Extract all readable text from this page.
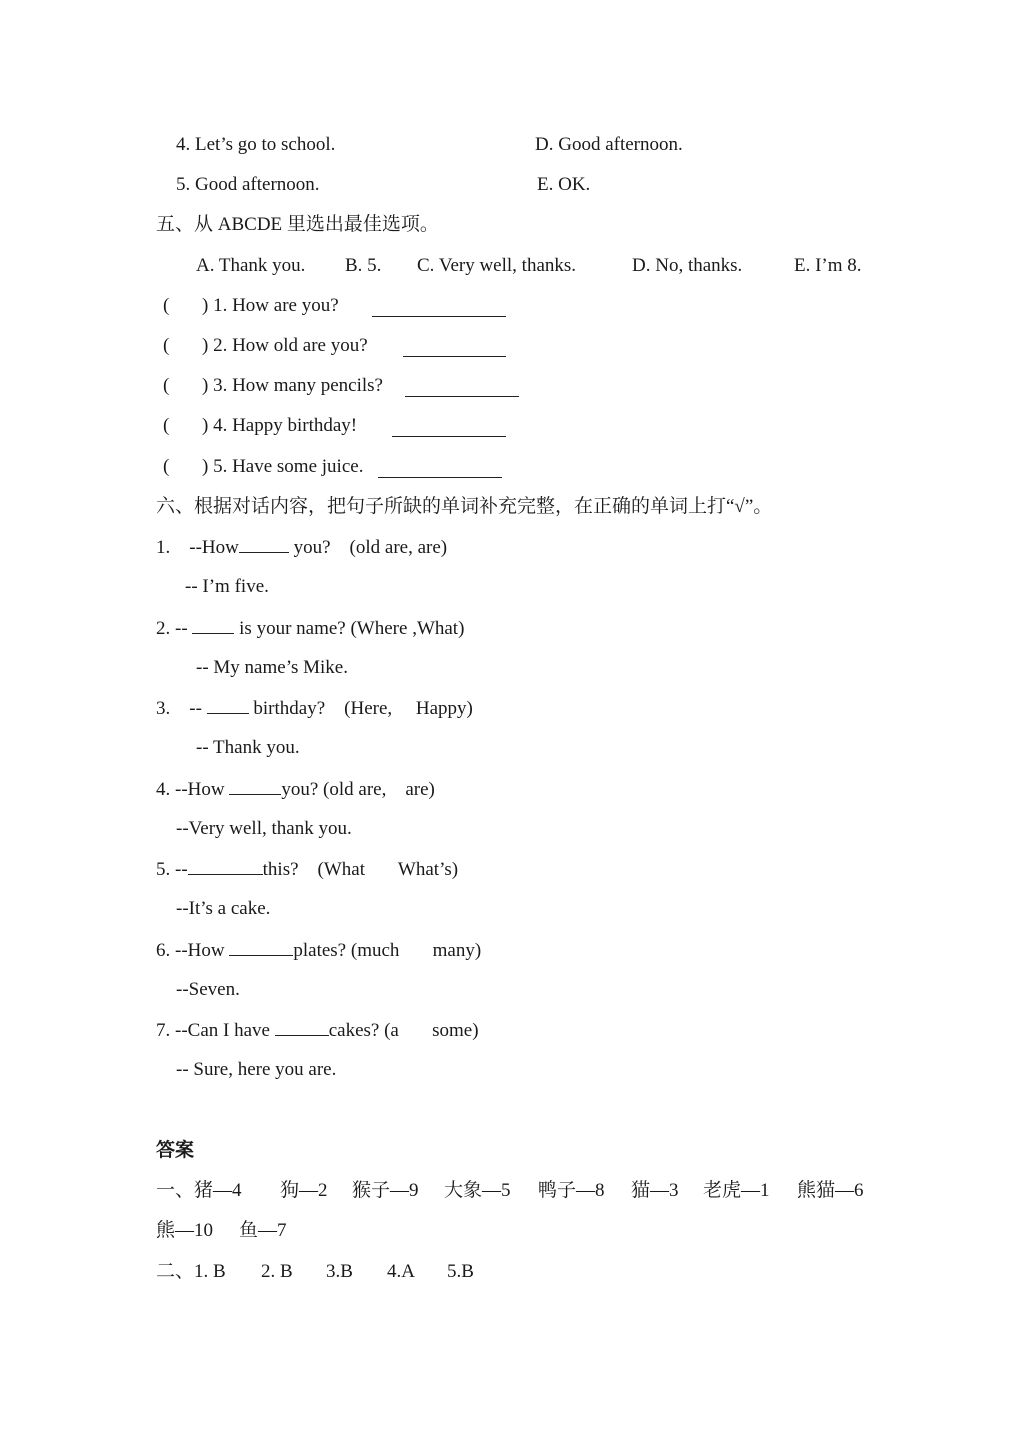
4. Let’s go to school.	D. Good afternoon.
5. Good afternoon.	E. OK.
五、从 ABCDE 里选出最佳选项。
A. Thank you. B. 5. C. Very well, thanks.	D. No, thanks.	E. I’m 8.
( ) 1. How are you?
( ) 2. How old are you?
( ) 3. How many pencils?
( ) 4. Happy birthday!
( ) 5. Have some juice.
六、根据对话内容，把句子所缺的单词补充完整，在正确的单词上打“√”。
1.    --How	you?    (old are, are)
-- I’m five.
2. --  is your name? (Where ,What)
-- My name’s Mike.
3.    --  birthday?    (Here,     Happy)
-- Thank you.
4. --How	you? (old are,    are)
--Very well, thank you.
5. --	this?    (What       What’s)
--It’s a cake.
6. --How	plates? (much       many)
--Seven.
7. --Can I have	cakes? (a       some)
-- Sure, here you are.
答案
一、猪—4 狗—2 猴子—9 大象—5 鸭子—8 猫—3 老虎—1 熊猫—6
熊—10 鱼—7
二、1. B 2. B 3.B 4.A 5.B
